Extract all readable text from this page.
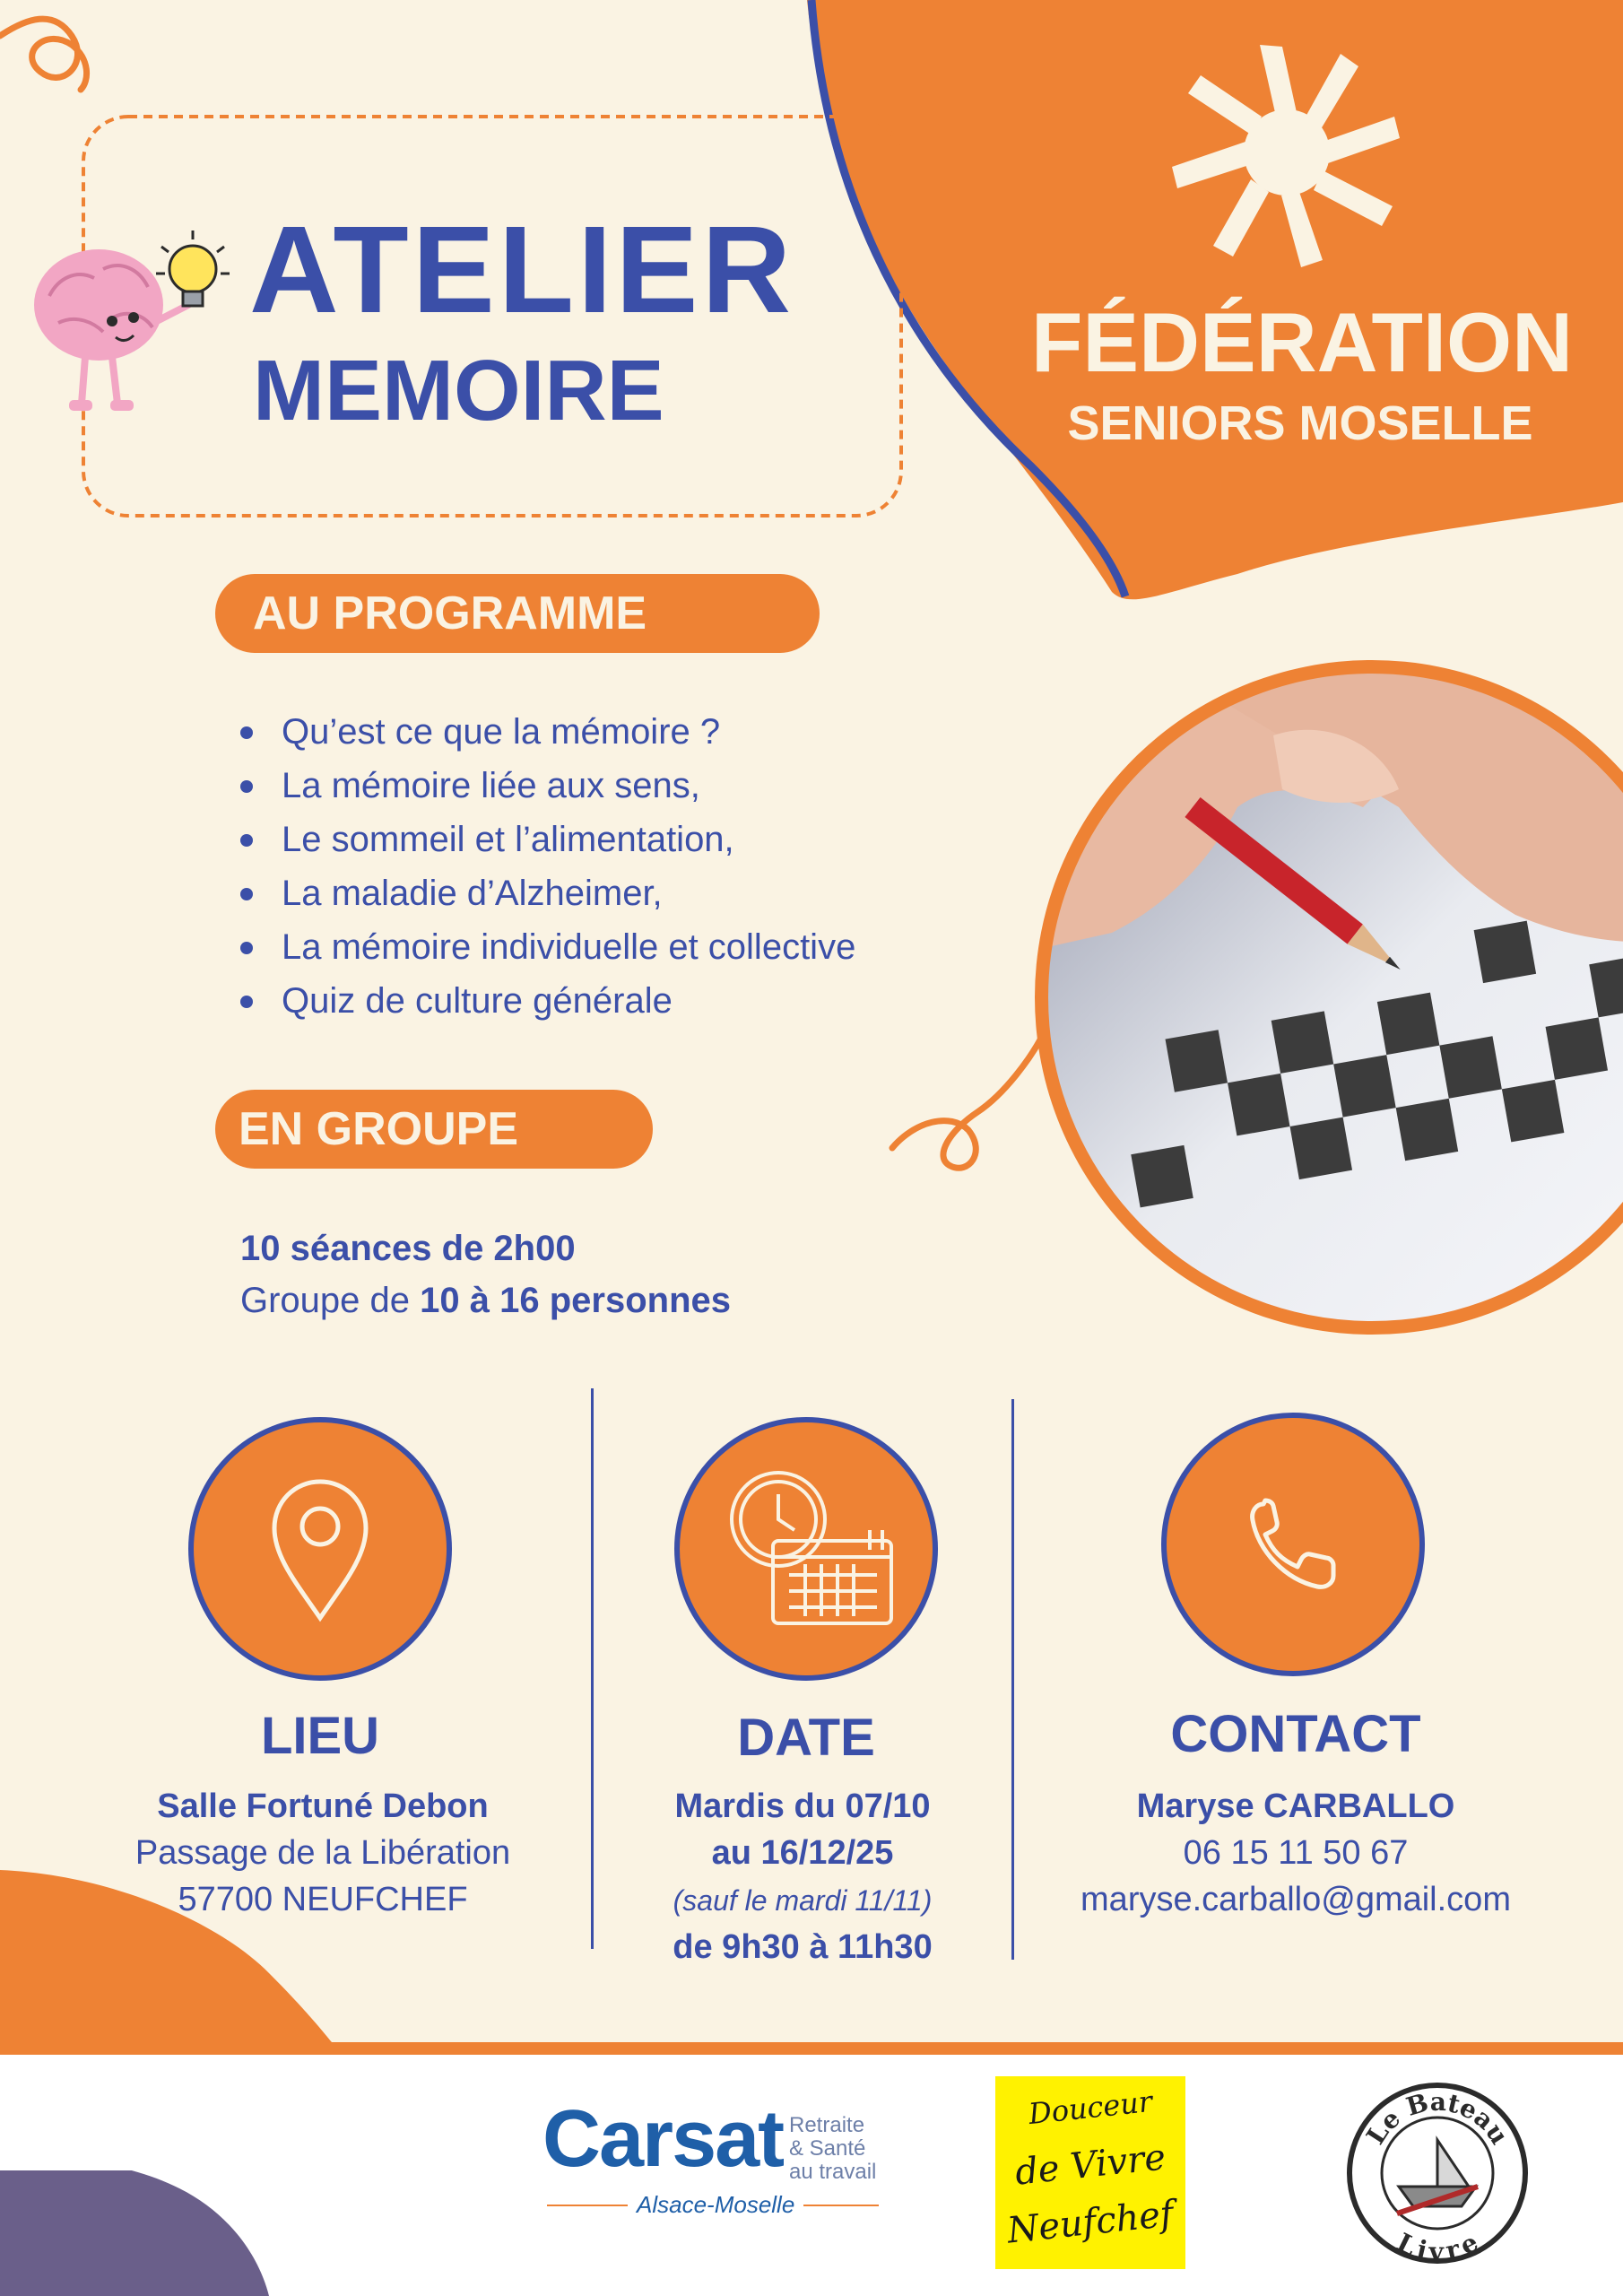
ATELIER
MEMOIRE
FÉDÉRATION
SENIORS MOSELLE
AU PROGRAMME
Qu’est ce que la mémoire ?
La mémoire liée aux sens,
Le sommeil et l’alimentation,
La maladie d’Alzheimer,
La mémoire individuelle et collective
Quiz de culture générale
EN GROUPE
10 séances de 2h00
Groupe de 10 à 16 personnes
LIEU
Salle Fortuné Debon
Passage de la Libération
57700 NEUFCHEF
DATE
Mardis du 07/10
au 16/12/25
(sauf le mardi 11/11)
de 9h30 à 11h30
CONTACT
Maryse CARBALLO
06 15 11 50 67
maryse.carballo@gmail.com
Carsat Retraite
& Santé
au travail
Alsace-Moselle
Douceur
de Vivre
Neufchef
Le Bateau
Livre
